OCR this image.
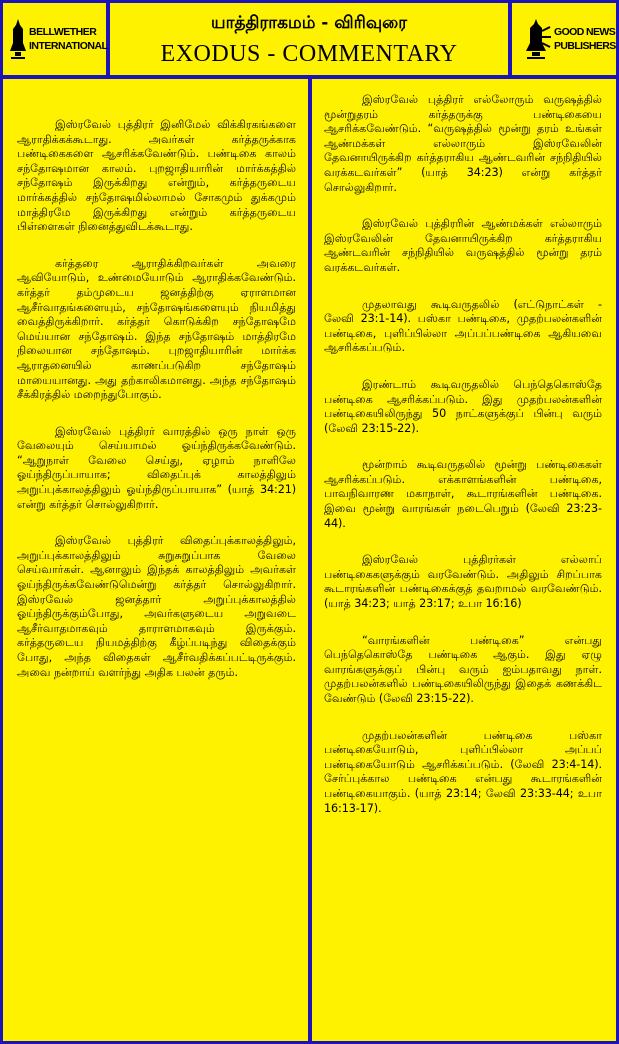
BELLWETHER
INTERNATIONAL
யாத்திராகமம் - விரிவுரை
EXODUS - COMMENTARY
GOOD NEWS
PUBLISHERS

இஸ்ரவேல் புத்திரர் இனிமேல் விக்கிரகங்களை ஆராதிக்கக்கூடாது. அவர்கள் கர்த்தருக்காக பண்டிகைகளை ஆசரிக்கவேண்டும். பண்டிகை காலம் சந்தோஷமான காலம். புறஜாதியாரின் மார்க்கத்தில் சந்தோஷம் இருக்கிறது என்றும், கர்த்தருடைய மார்க்கத்தில் சந்தோஷமில்லாமல் சோகமும் துக்கமும் மாத்திரமே இருக்கிறது என்றும் கர்த்தருடைய பிள்ளைகள் நினைத்துவிடக்கூடாது.

கர்த்தரை ஆராதிக்கிறவர்கள் அவரை ஆவியோடும், உண்மையோடும் ஆராதிக்கவேண்டும். கர்த்தர் தம்முடைய ஜனத்திற்கு ஏராளமான ஆசீர்வாதங்களையும், சந்தோஷங்களையும் நியமித்து வைத்திருக்கிறார். கர்த்தர் கொடுக்கிற சந்தோஷமே மெய்யான சந்தோஷம். இந்த சந்தோஷம் மாத்திரமே நிலையான சந்தோஷம். புறஜாதியாரின் மார்க்க ஆராதனையில் காணப்படுகிற சந்தோஷம் மாயையானது. அது தற்காலிகமானது. அந்த சந்தோஷம் சீக்கிரத்தில் மறைந்துபோகும்.

இஸ்ரவேல் புத்திரர் வாரத்தில் ஒரு நாள் ஒரு வேலையும் செய்யாமல் ஓய்ந்திருக்கவேண்டும். “ஆறுநாள் வேலை செய்து, ஏழாம் நாளிலே ஓய்ந்திருப்பாயாக; விதைப்புக் காலத்திலும் அறுப்புக்காலத்திலும் ஓய்ந்திருப்பாயாக” (யாத் 34:21) என்று கர்த்தர் சொல்லுகிறார்.

இஸ்ரவேல் புத்திரர் விதைப்புக்காலத்திலும், அறுப்புக்காலத்திலும் சுறுசுறுப்பாக வேலை செய்வார்கள். ஆனாலும் இந்தக் காலத்திலும் அவர்கள் ஓய்ந்திருக்கவேண்டுமென்று கர்த்தர் சொல்லுகிறார். இஸ்ரவேல் ஜனத்தார் அறுப்புக்காலத்தில் ஓய்ந்திருக்கும்போது, அவர்களுடைய அறுவடை ஆசீர்வாதமாகவும் தாராளமாகவும் இருக்கும். கர்த்தருடைய நியமத்திற்கு கீழ்ப்படிந்து விதைக்கும் போது, அந்த விதைகள் ஆசீர்வதிக்கப்பட்டிருக்கும். அவை நன்றாய் வளர்ந்து அதிக பலன் தரும்.

இஸ்ரவேல் புத்திரர் எல்லோரும் வருஷத்தில் மூன்றுதரம் கர்த்தருக்கு பண்டிகையை ஆசரிக்கவேண்டும். “வருஷத்தில் மூன்று தரம் உங்கள் ஆண்மக்கள் எல்லாரும் இஸ்ரவேலின் தேவனாயிருக்கிற கர்த்தராகிய ஆண்டவரின் சந்நிதியில் வரக்கடவர்கள்” (யாத் 34:23) என்று கர்த்தர் சொல்லுகிறார்.

இஸ்ரவேல் புத்திரரின் ஆண்மக்கள் எல்லாரும் இஸ்ரவேலின் தேவனாயிருக்கிற கர்த்தராகிய ஆண்டவரின் சந்நிதியில் வருஷத்தில் மூன்று தரம் வரக்கடவர்கள்.

முதலாவது கூடிவருதலில் (எட்டுநாட்கள் - லேவி 23:1-14). பஸ்கா பண்டிகை, முதற்பலன்களின் பண்டிகை, புளிப்பில்லா அப்பப்பண்டிகை ஆகியவை ஆசரிக்கப்படும்.

இரண்டாம் கூடிவருதலில் பெந்தெகொஸ்தே பண்டிகை ஆசரிக்கப்படும். இது முதற்பலன்களின் பண்டிகையிலிருந்து 50 நாட்களுக்குப் பின்பு வரும் (லேவி 23:15-22).

மூன்றாம் கூடிவருதலில் மூன்று பண்டிகைகள் ஆசரிக்கப்படும். எக்காளங்களின் பண்டிகை, பாவநிவாரண மகாநாள், கூடாரங்களின் பண்டிகை. இவை மூன்று வாரங்கள் நடைபெறும் (லேவி 23:23-44).

இஸ்ரவேல் புத்திரர்கள் எல்லாப் பண்டிகைகளுக்கும் வரவேண்டும். அதிலும் சிறப்பாக கூடாரங்களின் பண்டிகைக்குத் தவறாமல் வரவேண்டும். (யாத் 34:23; யாத் 23:17; உபா 16:16)

“வாரங்களின் பண்டிகை” என்பது பெந்தெகொஸ்தே பண்டிகை ஆகும். இது ஏழு வாரங்களுக்குப் பின்பு வரும் ஐம்பதாவது நாள். முதற்பலன்களில் பண்டிகையிலிருந்து இதைக் கணக்கிட வேண்டும் (லேவி 23:15-22).

முதற்பலன்களின் பண்டிகை பஸ்கா பண்டிகையோடும், புளிப்பில்லா அப்பப் பண்டிகையோடும் ஆசரிக்கப்படும். (லேவி 23:4-14). சேர்ப்புக்கால பண்டிகை என்பது கூடாரங்களின் பண்டிகையாகும். (யாத் 23:14; லேவி 23:33-44; உபா 16:13-17).
